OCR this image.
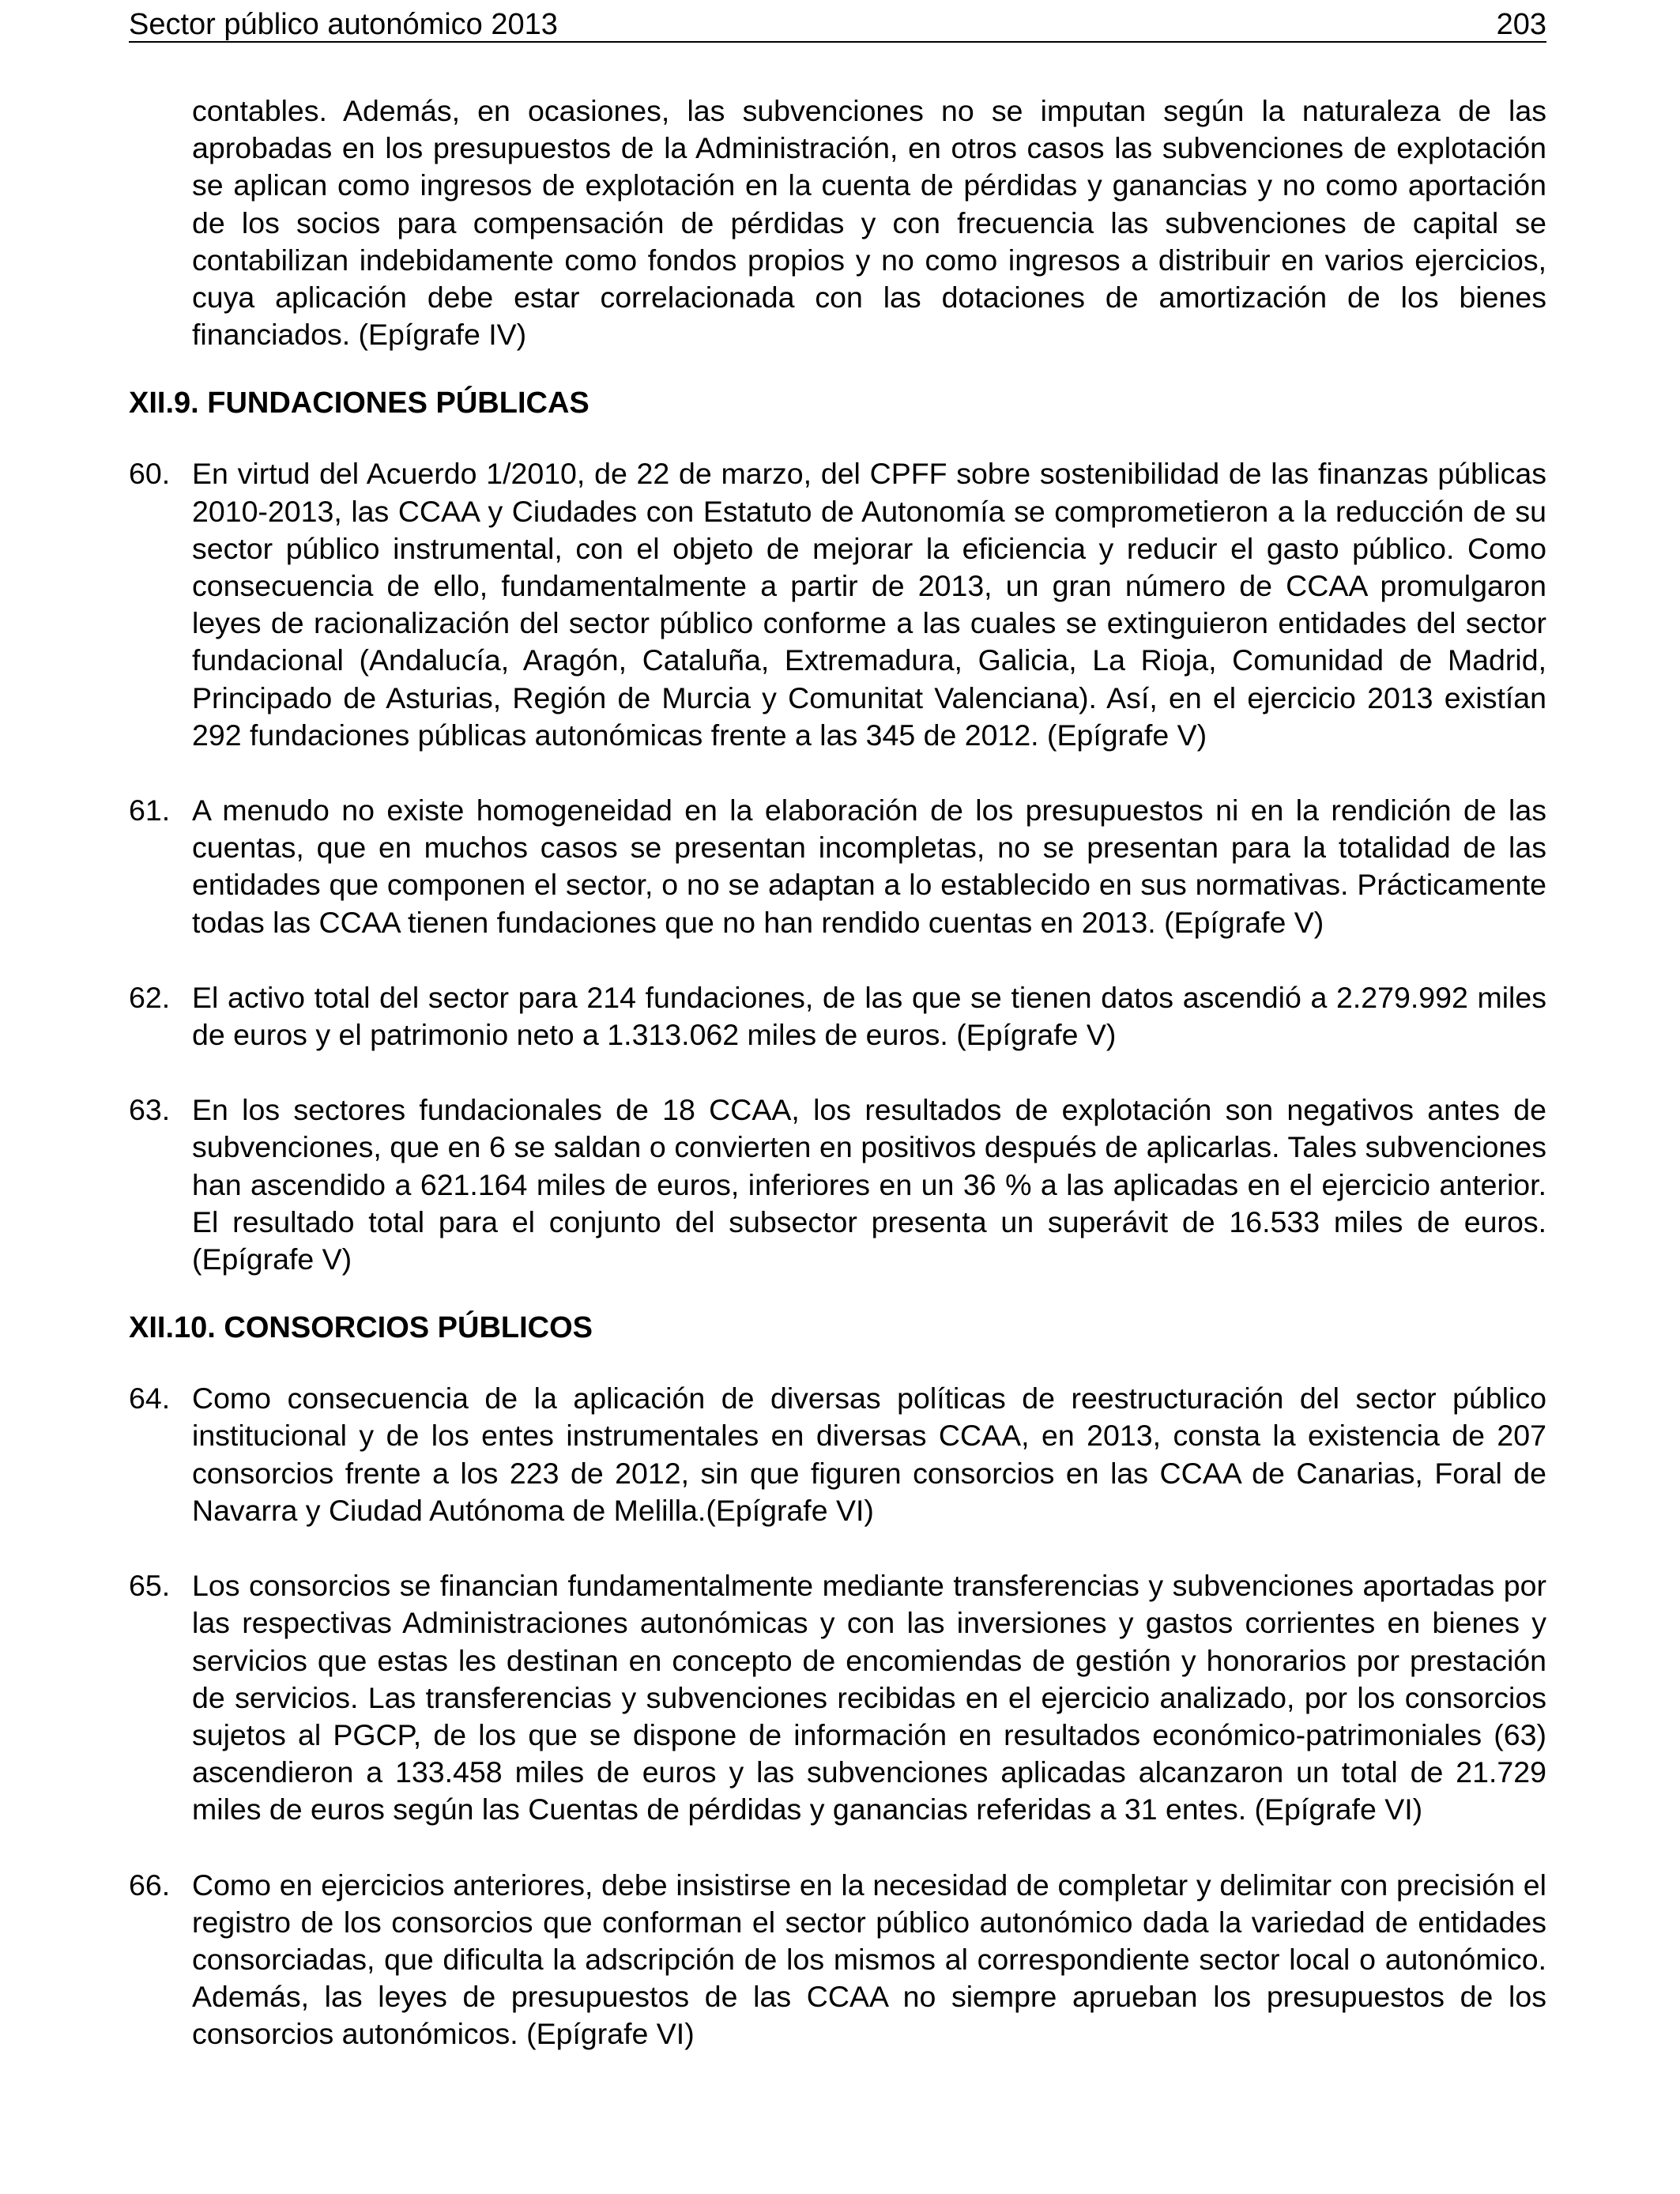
Sector público autonómico 2013	203

contables. Además, en ocasiones, las subvenciones no se imputan según la naturaleza de las aprobadas en los presupuestos de la Administración, en otros casos las subvenciones de explotación se aplican como ingresos de explotación en la cuenta de pérdidas y ganancias y no como aportación de los socios para compensación de pérdidas y con frecuencia las subvenciones de capital se contabilizan indebidamente como fondos propios y no como ingresos a distribuir en varios ejercicios, cuya aplicación debe estar correlacionada con las dotaciones de amortización de los bienes financiados. (Epígrafe IV)

XII.9. FUNDACIONES PÚBLICAS
60. En virtud del Acuerdo 1/2010, de 22 de marzo, del CPFF sobre sostenibilidad de las finanzas públicas 2010-2013, las CCAA y Ciudades con Estatuto de Autonomía se comprometieron a la reducción de su sector público instrumental, con el objeto de mejorar la eficiencia y reducir el gasto público. Como consecuencia de ello, fundamentalmente a partir de 2013, un gran número de CCAA promulgaron leyes de racionalización del sector público conforme a las cuales se extinguieron entidades del sector fundacional (Andalucía, Aragón, Cataluña, Extremadura, Galicia, La Rioja, Comunidad de Madrid, Principado de Asturias, Región de Murcia y Comunitat Valenciana). Así, en el ejercicio 2013 existían 292 fundaciones públicas autonómicas frente a las 345 de 2012. (Epígrafe V)

61. A menudo no existe homogeneidad en la elaboración de los presupuestos ni en la rendición de las cuentas, que en muchos casos se presentan incompletas, no se presentan para la totalidad de las entidades que componen el sector, o no se adaptan a lo establecido en sus normativas. Prácticamente todas las CCAA tienen fundaciones que no han rendido cuentas en 2013. (Epígrafe V)

62. El activo total del sector para 214 fundaciones, de las que se tienen datos ascendió a 2.279.992 miles de euros y el patrimonio neto a 1.313.062 miles de euros. (Epígrafe V)

63. En los sectores fundacionales de 18 CCAA, los resultados de explotación son negativos antes de subvenciones, que en 6 se saldan o convierten en positivos después de aplicarlas. Tales subvenciones han ascendido a 621.164 miles de euros, inferiores en un 36 % a las aplicadas en el ejercicio anterior. El resultado total para el conjunto del subsector presenta un superávit de 16.533 miles de euros. (Epígrafe V)

XII.10. CONSORCIOS PÚBLICOS
64. Como consecuencia de la aplicación de diversas políticas de reestructuración del sector público institucional y de los entes instrumentales en diversas CCAA, en 2013, consta la existencia de 207 consorcios frente a los 223 de 2012, sin que figuren consorcios en las CCAA de Canarias, Foral de Navarra y Ciudad Autónoma de Melilla.(Epígrafe VI)

65. Los consorcios se financian fundamentalmente mediante transferencias y subvenciones aportadas por las respectivas Administraciones autonómicas y con las inversiones y gastos corrientes en bienes y servicios que estas les destinan en concepto de encomiendas de gestión y honorarios por prestación de servicios. Las transferencias y subvenciones recibidas en el ejercicio analizado, por los consorcios sujetos al PGCP, de los que se dispone de información en resultados económico-patrimoniales (63) ascendieron a 133.458 miles de euros y las subvenciones aplicadas alcanzaron un total de 21.729 miles de euros según las Cuentas de pérdidas y ganancias referidas a 31 entes. (Epígrafe VI)

66. Como en ejercicios anteriores, debe insistirse en la necesidad de completar y delimitar con precisión el registro de los consorcios que conforman el sector público autonómico dada la variedad de entidades consorciadas, que dificulta la adscripción de los mismos al correspondiente sector local o autonómico. Además, las leyes de presupuestos de las CCAA no siempre aprueban los presupuestos de los consorcios autonómicos. (Epígrafe VI)
